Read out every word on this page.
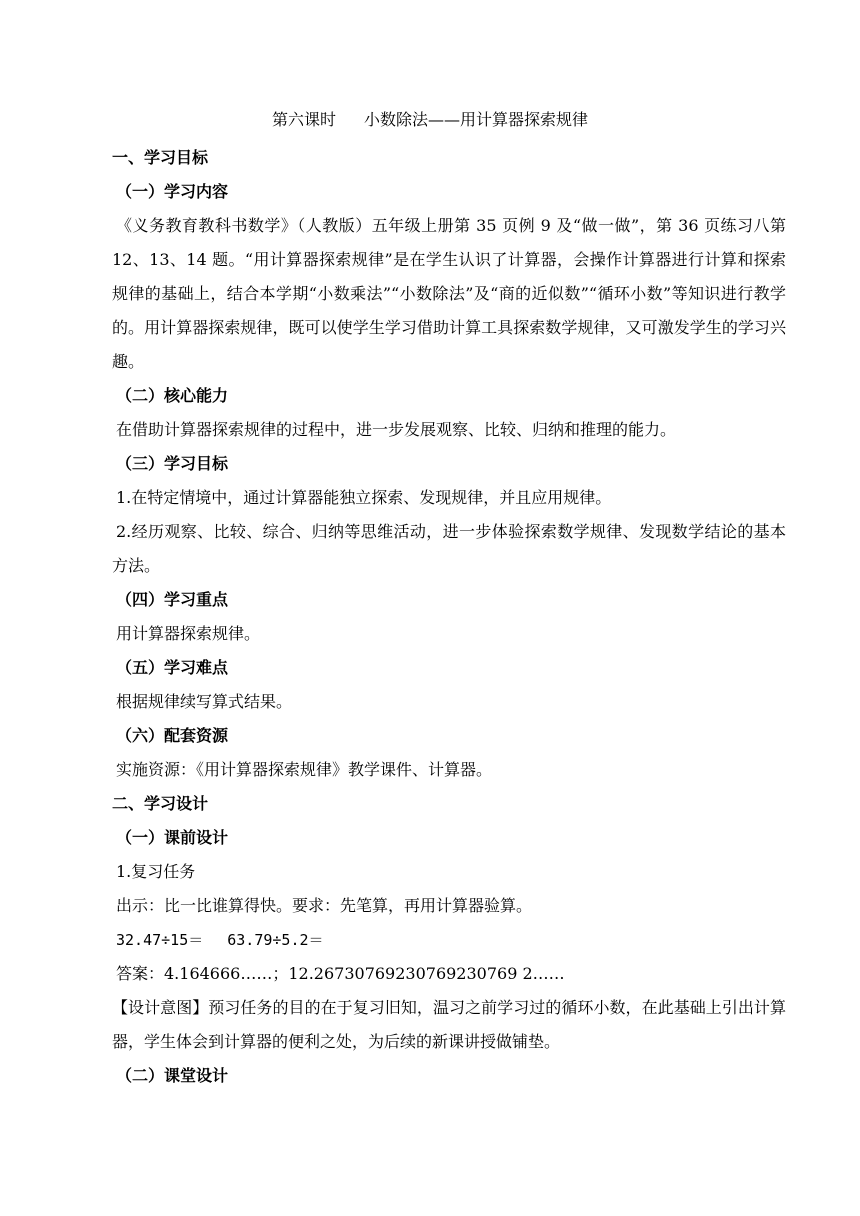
第六课时 小数除法——用计算器探索规律

一、学习目标

（一）学习内容

《义务教育教科书数学》（人教版）五年级上册第 35 页例 9 及“做一做”，第 36 页练习八第 12、13、14 题。“用计算器探索规律”是在学生认识了计算器，会操作计算器进行计算和探索规律的基础上，结合本学期“小数乘法”“小数除法”及“商的近似数”“循环小数”等知识进行教学的。用计算器探索规律，既可以使学生学习借助计算工具探索数学规律，又可激发学生的学习兴趣。

（二）核心能力

在借助计算器探索规律的过程中，进一步发展观察、比较、归纳和推理的能力。

（三）学习目标

1.在特定情境中，通过计算器能独立探索、发现规律，并且应用规律。

2.经历观察、比较、综合、归纳等思维活动，进一步体验探索数学规律、发现数学结论的基本方法。

（四）学习重点

用计算器探索规律。

（五）学习难点

根据规律续写算式结果。

（六）配套资源

实施资源：《用计算器探索规律》教学课件、计算器。

二、学习设计

（一）课前设计

1.复习任务

出示：比一比谁算得快。要求：先笔算，再用计算器验算。

32.47÷15＝ 63.79÷5.2＝

答案：4.164666……；12.26730769230769230769 2……

【设计意图】预习任务的目的在于复习旧知，温习之前学习过的循环小数，在此基础上引出计算器，学生体会到计算器的便利之处，为后续的新课讲授做铺垫。

（二）课堂设计
